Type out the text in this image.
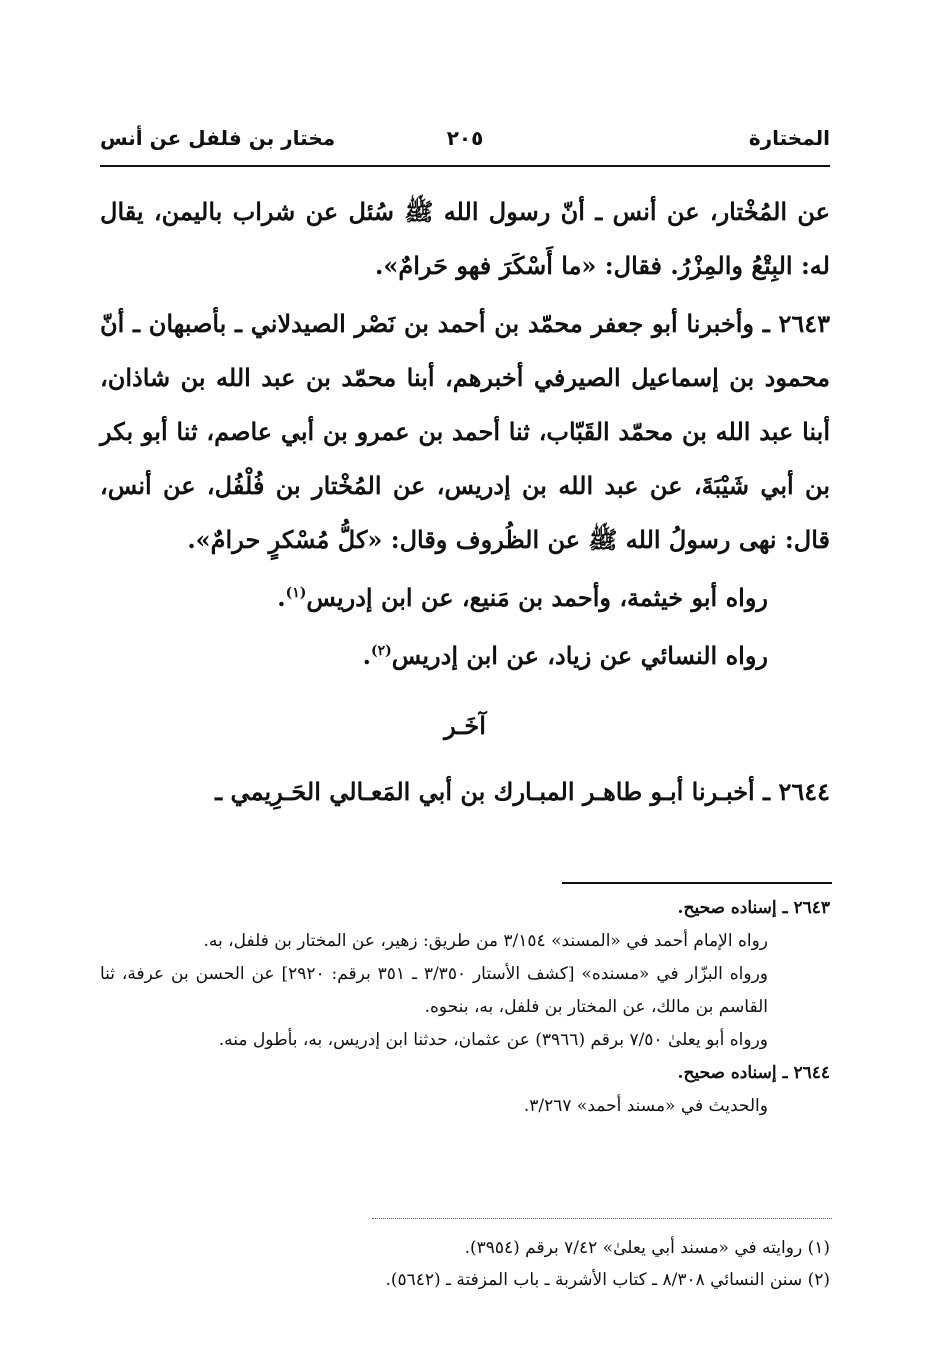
المختارة
٢٠٥
مختار بن فلفل عن أنس

عن المُخْتار، عن أنس ـ أنّ رسول الله ﷺ سُئل عن شراب باليمن، يقال له: البِتْعُ والمِزْرُ. فقال: «ما أَسْكَرَ فهو حَرامٌ».

٢٦٤٣ ـ وأخبرنا أبو جعفر محمّد بن أحمد بن نَصْر الصيدلاني ـ بأصبهان ـ أنّ محمود بن إسماعيل الصيرفي أخبرهم، أبنا محمّد بن عبد الله بن شاذان، أبنا عبد الله بن محمّد القَبّاب، ثنا أحمد بن عمرو بن أبي عاصم، ثنا أبو بكر بن أبي شَيْبَةَ، عن عبد الله بن إدريس، عن المُخْتار بن فُلْفُل، عن أنس، قال: نهى رسولُ الله ﷺ عن الظُروف وقال: «كلُّ مُسْكرٍ حرامٌ».

رواه أبو خيثمة، وأحمد بن مَنيع، عن ابن إدريس$^{(١)}$.

رواه النسائي عن زياد، عن ابن إدريس$^{(٢)}$.

آخَـر

٢٦٤٤ ـ أخبـرنا أبـو طاهـر المبـارك بن أبي المَعـالي الحَـرِيمي ـ

٢٦٤٣ ـ إسناده صحيح.

رواه الإمام أحمد في «المسند» ٣/١٥٤ من طريق: زهير، عن المختار بن فلفل، به.

ورواه البزّار في «مسنده» [كشف الأستار ٣/٣٥٠ ـ ٣٥١ برقم: ٢٩٢٠] عن الحسن بن عرفة، ثنا القاسم بن مالك، عن المختار بن فلفل، به، بنحوه.

ورواه أبو يعلىٰ ٧/٥٠ برقم (٣٩٦٦) عن عثمان، حدثنا ابن إدريس، به، بأطول منه.

٢٦٤٤ ـ إسناده صحيح.

والحديث في «مسند أحمد» ٣/٢٦٧.

(١) روايته في «مسند أبي يعلىٰ» ٧/٤٢ برقم (٣٩٥٤).

(٢) سنن النسائي ٨/٣٠٨ ـ كتاب الأشربة ـ باب المزفتة ـ (٥٦٤٢).
